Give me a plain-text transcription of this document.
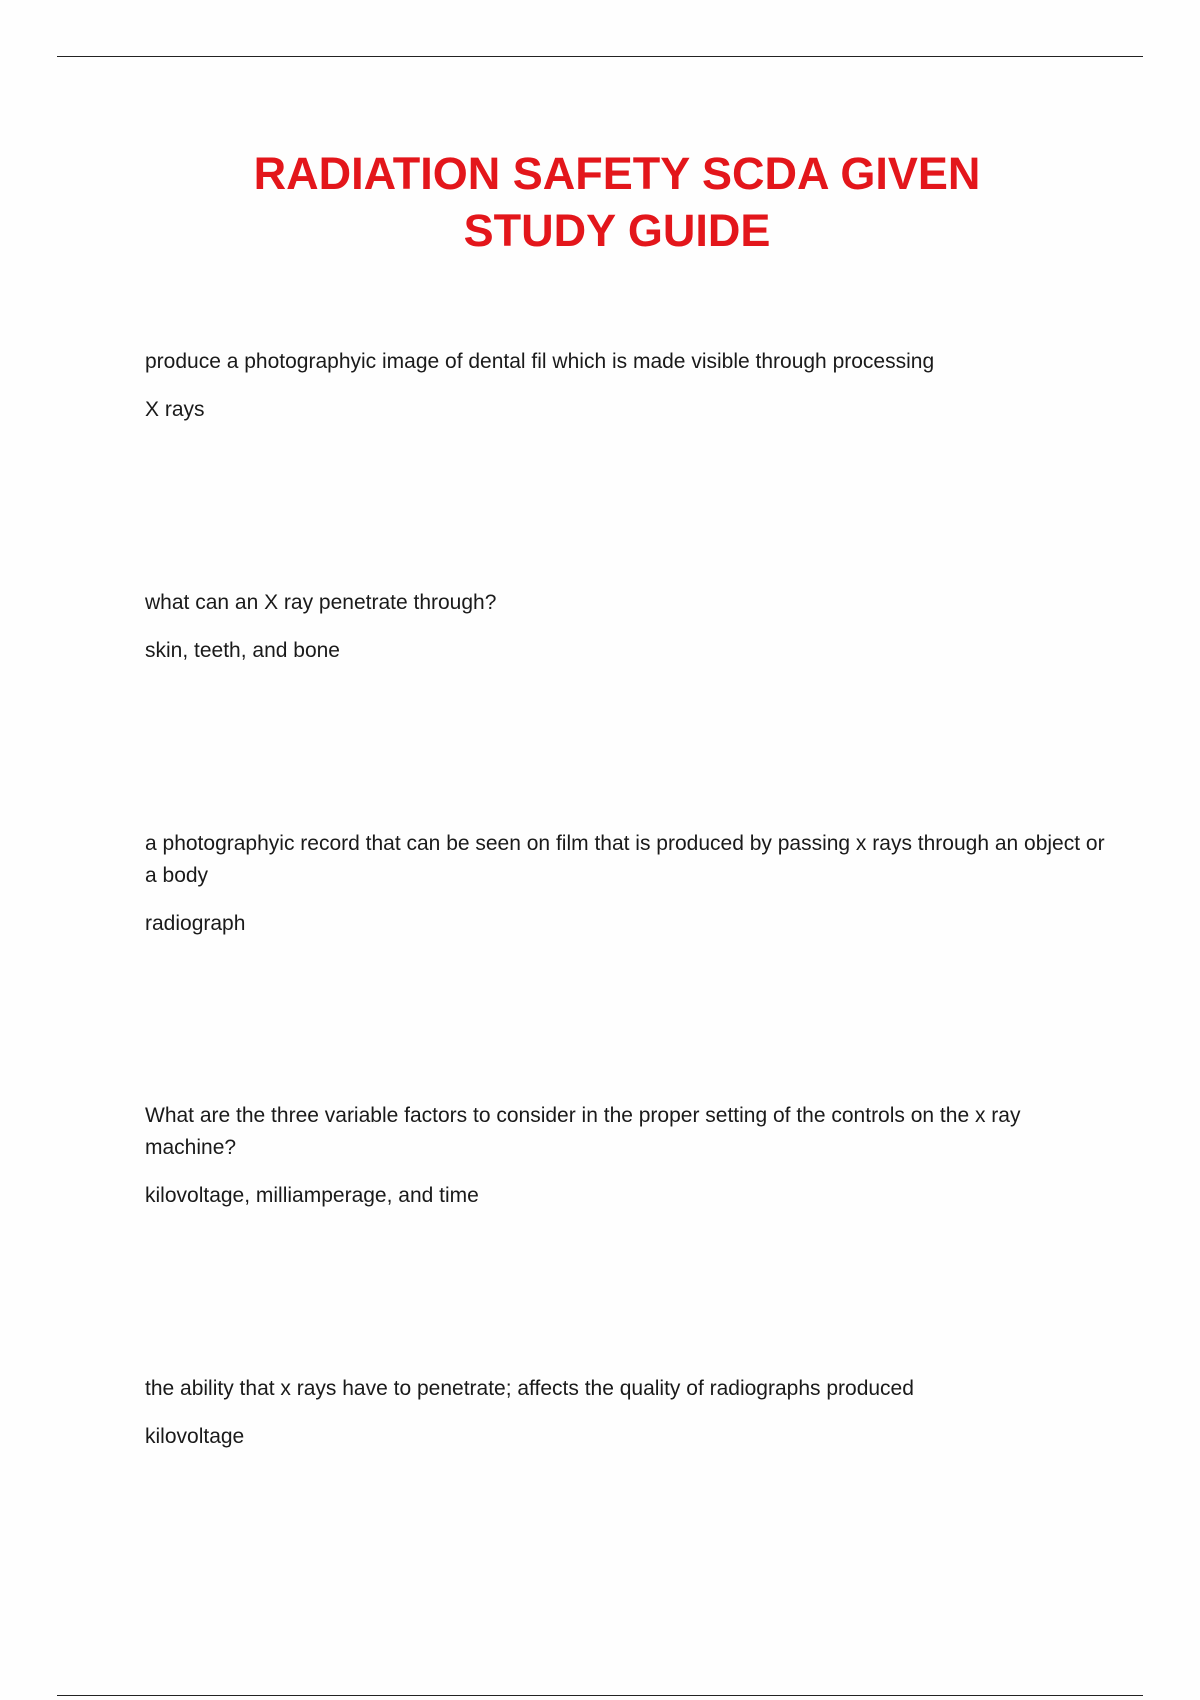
RADIATION SAFETY SCDA GIVEN
STUDY GUIDE

produce a photographyic image of dental fil which is made visible through processing

X rays

what can an X ray penetrate through?

skin, teeth, and bone

a photographyic record that can be seen on film that is produced by passing x rays through an object or a body

radiograph

What are the three variable factors to consider in the proper setting of the controls on the x ray machine?

kilovoltage, milliamperage, and time

the ability that x rays have to penetrate; affects the quality of radiographs produced

kilovoltage
